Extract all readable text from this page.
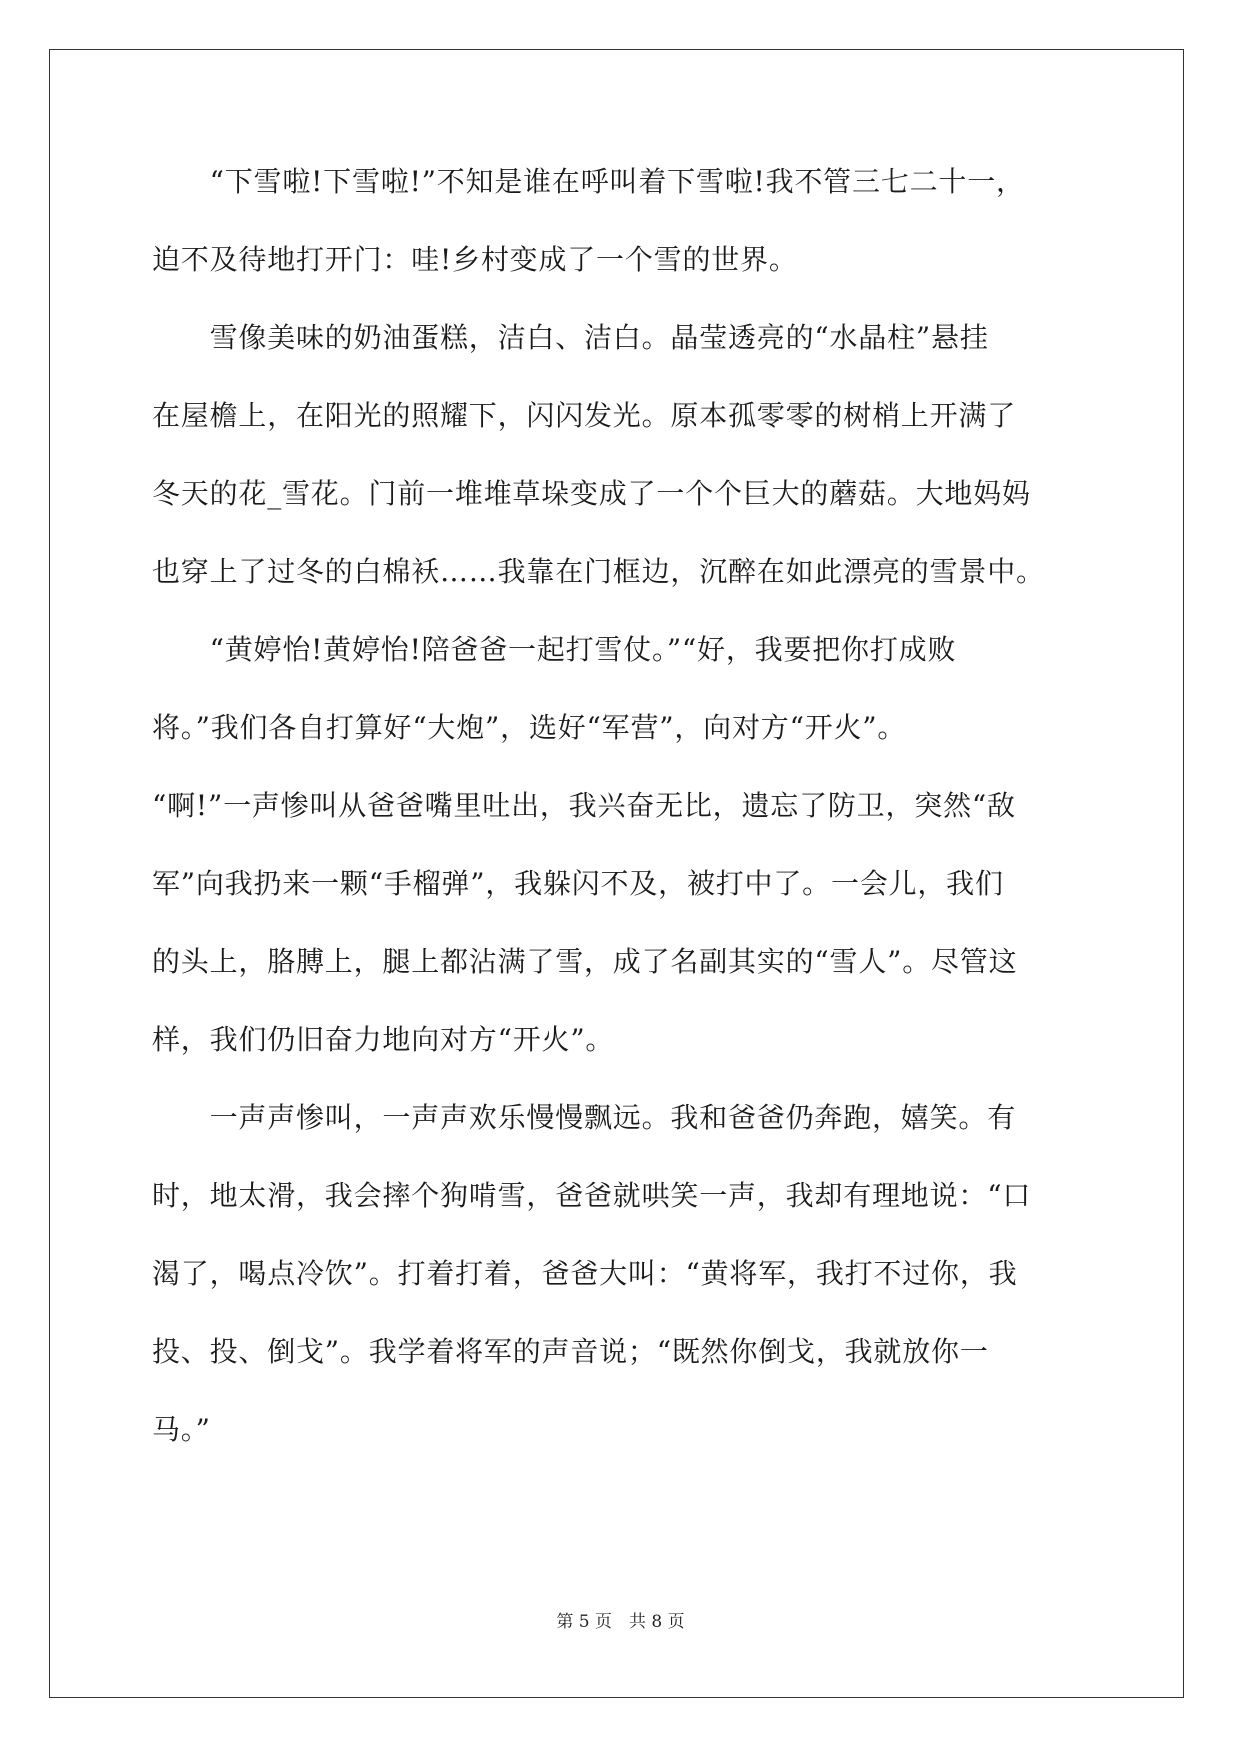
　　“下雪啦!下雪啦!”不知是谁在呼叫着下雪啦!我不管三七二十一，
迫不及待地打开门：哇!乡村变成了一个雪的世界。
　　雪像美味的奶油蛋糕，洁白、洁白。晶莹透亮的“水晶柱”悬挂
在屋檐上，在阳光的照耀下，闪闪发光。原本孤零零的树梢上开满了
冬天的花_雪花。门前一堆堆草垛变成了一个个巨大的蘑菇。大地妈妈
也穿上了过冬的白棉袄……我靠在门框边，沉醉在如此漂亮的雪景中。
　　“黄婷怡!黄婷怡!陪爸爸一起打雪仗。”“好，我要把你打成败
将。”我们各自打算好“大炮”，选好“军营”，向对方“开火”。
“啊!”一声惨叫从爸爸嘴里吐出，我兴奋无比，遗忘了防卫，突然“敌
军”向我扔来一颗“手榴弹”，我躲闪不及，被打中了。一会儿，我们
的头上，胳膊上，腿上都沾满了雪，成了名副其实的“雪人”。尽管这
样，我们仍旧奋力地向对方“开火”。
　　一声声惨叫，一声声欢乐慢慢飘远。我和爸爸仍奔跑，嬉笑。有
时，地太滑，我会摔个狗啃雪，爸爸就哄笑一声，我却有理地说：“口
渴了，喝点冷饮”。打着打着，爸爸大叫：“黄将军，我打不过你，我
投、投、倒戈”。我学着将军的声音说；“既然你倒戈，我就放你一
马。”
第 5 页　共 8 页
